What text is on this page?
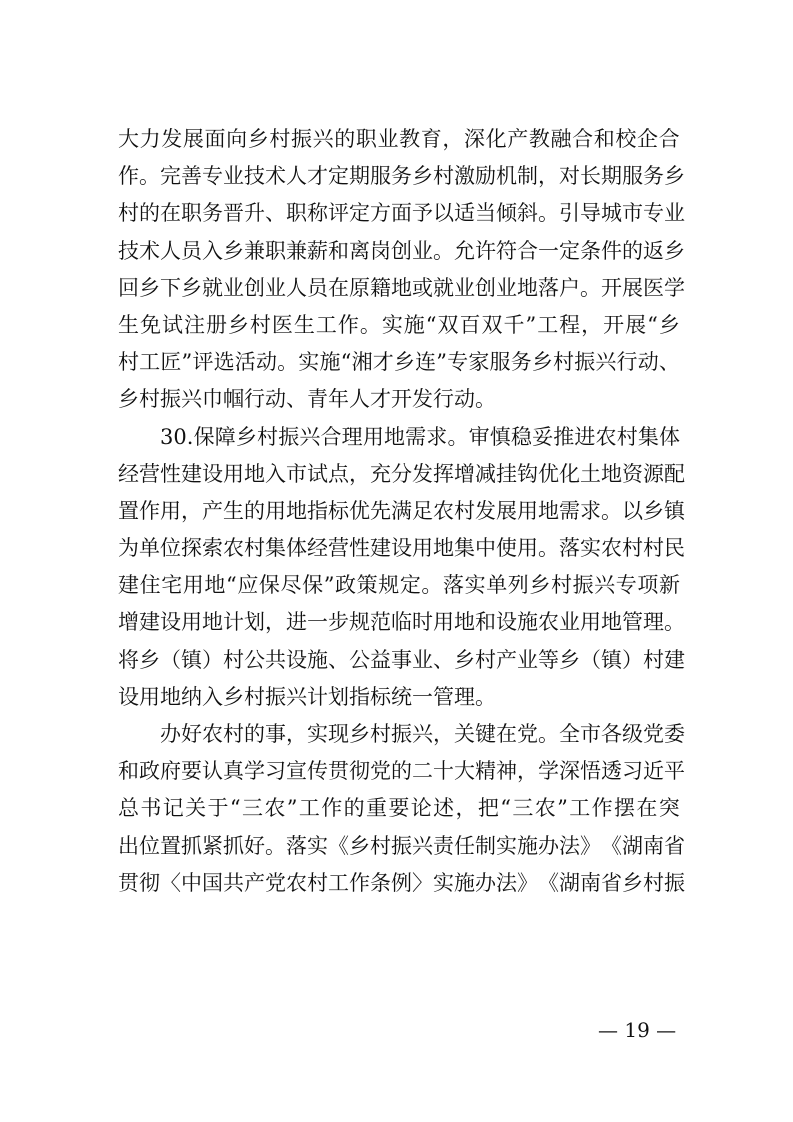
大 力 发 展 面 向 乡 村 振 兴 的 职 业 教 育 ， 深 化 产 教 融 合 和 校 企 合
作 。 完 善 专 业 技 术 人 才 定 期 服 务 乡 村 激 励 机 制 ， 对 长 期 服 务 乡
村 的 在 职 务 晋 升 、 职 称 评 定 方 面 予 以 适 当 倾 斜 。 引 导 城 市 专 业
技 术 人 员 入 乡 兼 职 兼 薪 和 离 岗 创 业 。 允 许 符 合 一 定 条 件 的 返 乡
回 乡 下 乡 就 业 创 业 人 员 在 原 籍 地 或 就 业 创 业 地 落 户 。 开 展 医 学
生 免 试 注 册 乡 村 医 生 工 作 。 实 施 “ 双 百 双 千 ” 工 程 ， 开 展 “ 乡
村 工 匠 ” 评 选 活 动 。 实 施 “ 湘 才 乡 连 ” 专 家 服 务 乡 村 振 兴 行 动 、
乡村振兴巾帼行动、青年人才开发行动。
30. 保 障 乡 村 振 兴 合 理 用 地 需 求 。 审 慎 稳 妥 推 进 农 村 集 体
经 营 性 建 设 用 地 入 市 试 点 ， 充 分 发 挥 增 减 挂 钩 优 化 土 地 资 源 配
置 作 用 ， 产 生 的 用 地 指 标 优 先 满 足 农 村 发 展 用 地 需 求 。 以 乡 镇
为 单 位 探 索 农 村 集 体 经 营 性 建 设 用 地 集 中 使 用 。 落 实 农 村 村 民
建 住 宅 用 地 “ 应 保 尽 保 ” 政 策 规 定 。 落 实 单 列 乡 村 振 兴 专 项 新
增 建 设 用 地 计 划 ， 进 一 步 规 范 临 时 用 地 和 设 施 农 业 用 地 管 理 。
将 乡 （ 镇 ） 村 公 共 设 施 、 公 益 事 业 、 乡 村 产 业 等 乡 （ 镇 ） 村 建
设用地纳入乡村振兴计划指标统一管理。
办 好 农 村 的 事 ， 实 现 乡 村 振 兴 ， 关 键 在 党 。 全 市 各 级 党 委
和 政 府 要 认 真 学 习 宣 传 贯 彻 党 的 二 十 大 精 神 ， 学 深 悟 透 习 近 平
总 书 记 关 于 “ 三 农 ” 工 作 的 重 要 论 述 ， 把 “ 三 农 ” 工 作 摆 在 突
出 位 置 抓 紧 抓 好 。 落 实 《 乡 村 振 兴 责 任 制 实 施 办 法 》 《 湖 南 省
贯 彻 〈 中 国 共 产 党 农 村 工 作 条 例 〉 实 施 办 法 》 《 湖 南 省 乡 村 振
— 19 —
